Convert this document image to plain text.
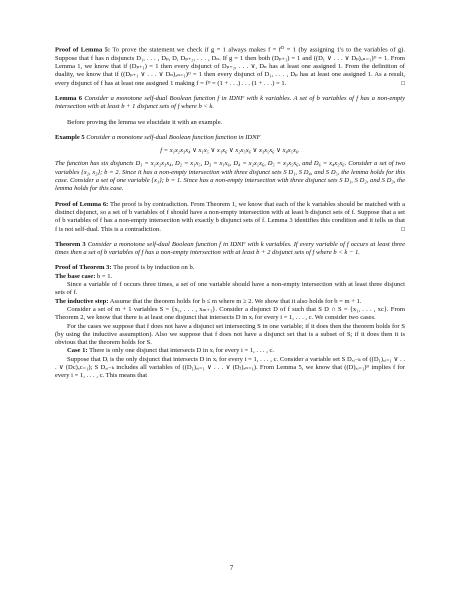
Proof of Lemma 5: To prove the statement we check if g = 1 always makes $f = f^D = 1$ (by assigning 1's to the variables of g). Suppose that f has n disjuncts D₁, . . . , Dₚ, D, Dₚ₊₂, . . . , Dₙ. If g = 1 then both (Dₚ₊₁) = 1 and ((D₁ ∨ . . . ∨ Dₚ)ₓₙ₌₁)ᴰ = 1. From Lemma 1, we know that if (Dₚ₊₁) = 1 then every disjunct of Dₚ₊₂, . . . ∨, Dₙ has at least one assigned 1. From the definition of duality, we know that if ((Dₚ₊₁ ∨ . . . ∨ Dₙ)ₓₙ₌₁)ᴰ = 1 then every disjunct of D₁, . . . , Dₚ has at least one assigned 1. As a result, every disjunct of f has at least one assigned 1 making f = fᴰ = (1 + . . .) . . . (1 + . . .) = 1.	□

Lemma 6 Consider a monotone self-dual Boolean function f in IDNF with k variables. A set of b variables of f has a non-empty intersection with at least b + 1 disjunct sets of f where b < k.

Before proving the lemma we elucidate it with an example.

Example 5 Consider a monotone self-dual Boolean function function in IDNF

f = x₁x₂x₃x₄ ∨ x₁x₅ ∨ x₁x₆ ∨ x₂x₅x₆ ∨ x₃x₅x₆ ∨ x₄x₅x₆.

The function has six disjuncts D₁ = x₁x₂x₃x₄, D₂ = x₁x₅, D₃ = x₁x₆, D₄ = x₂x₅x₆, D₅ = x₃x₅x₆, and D₆ = x₄x₅x₆. Consider a set of two variables {x₂, x₃}; b = 2. Since it has a non-empty intersection with three disjunct sets S D₁, S D₄, and S D₅, the lemma holds for this case. Consider a set of one variable {x₁}; b = 1. Since has a non-empty intersection with three disjunct sets S D₁, S D₂, and S D₃, the lemma holds for this case.

Proof of Lemma 6: The proof is by contradiction. From Theorem 1, we know that each of the k variables should be matched with a distinct disjunct, so a set of b variables of f should have a non-empty intersection with at least b disjunct sets of f. Suppose that a set of b variables of f has a non-empty intersection with exactly b disjunct sets of f. Lemma 3 identifies this condition and it tells us that f is not self-dual. This is a contradiction.	□

Theorem 3 Consider a monotone self-dual Boolean function f in IDNF with k variables. If every variable of f occurs at least three times then a set of b variables of f has a non-empty intersection with at least b + 2 disjunct sets of f where b < k − 1.

Proof of Theorem 3: The proof is by induction on b.

The base case: b = 1.

Since a variable of f occurs three times, a set of one variable should have a non-empty intersection with at least three disjunct sets of f.

The inductive step: Assume that the theorem holds for b ≤ m where m ≥ 2. We show that it also holds for b = m + 1.

Consider a set of m + 1 variables S = {x₁, . . . , xₘ₊₁}. Consider a disjunct D of f such that S D ∩ S = {x₁, . . . , xc}. From Theorem 2, we know that there is at least one disjunct that intersects D in xᵢ for every i = 1, . . . , c. We consider two cases.

For the cases we suppose that f does not have a disjunct set intersecting S in one variable; if it does then the theorem holds for S (by using the inductive assumption). Also we suppose that f does not have a disjunct set that is a subset of S; if it does then it is obvious that the theorem holds for S.

Case 1: There is only one disjunct that intersects D in xᵢ for every i = 1, . . . , c.

Suppose that Dᵢ is the only disjunct that intersects D in xᵢ for every i = 1, . . . , c. Consider a variable set S Dₓᵢ₋ₖ of ((D₁)ₓᵢ₌₁ ∨ . . . ∨ (Dc)ₓc₌₁); S Dₓᵢ₋ₖ includes all variables of ((D₁)ₓᵢ₌₁ ∨ . . . ∨ (Dⱼ)ₓₙ₌₁). From Lemma 5, we know that ((D)ₓᵢ₌₁)ᴰ implies f for every i = 1, . . . , c. This means that

7
